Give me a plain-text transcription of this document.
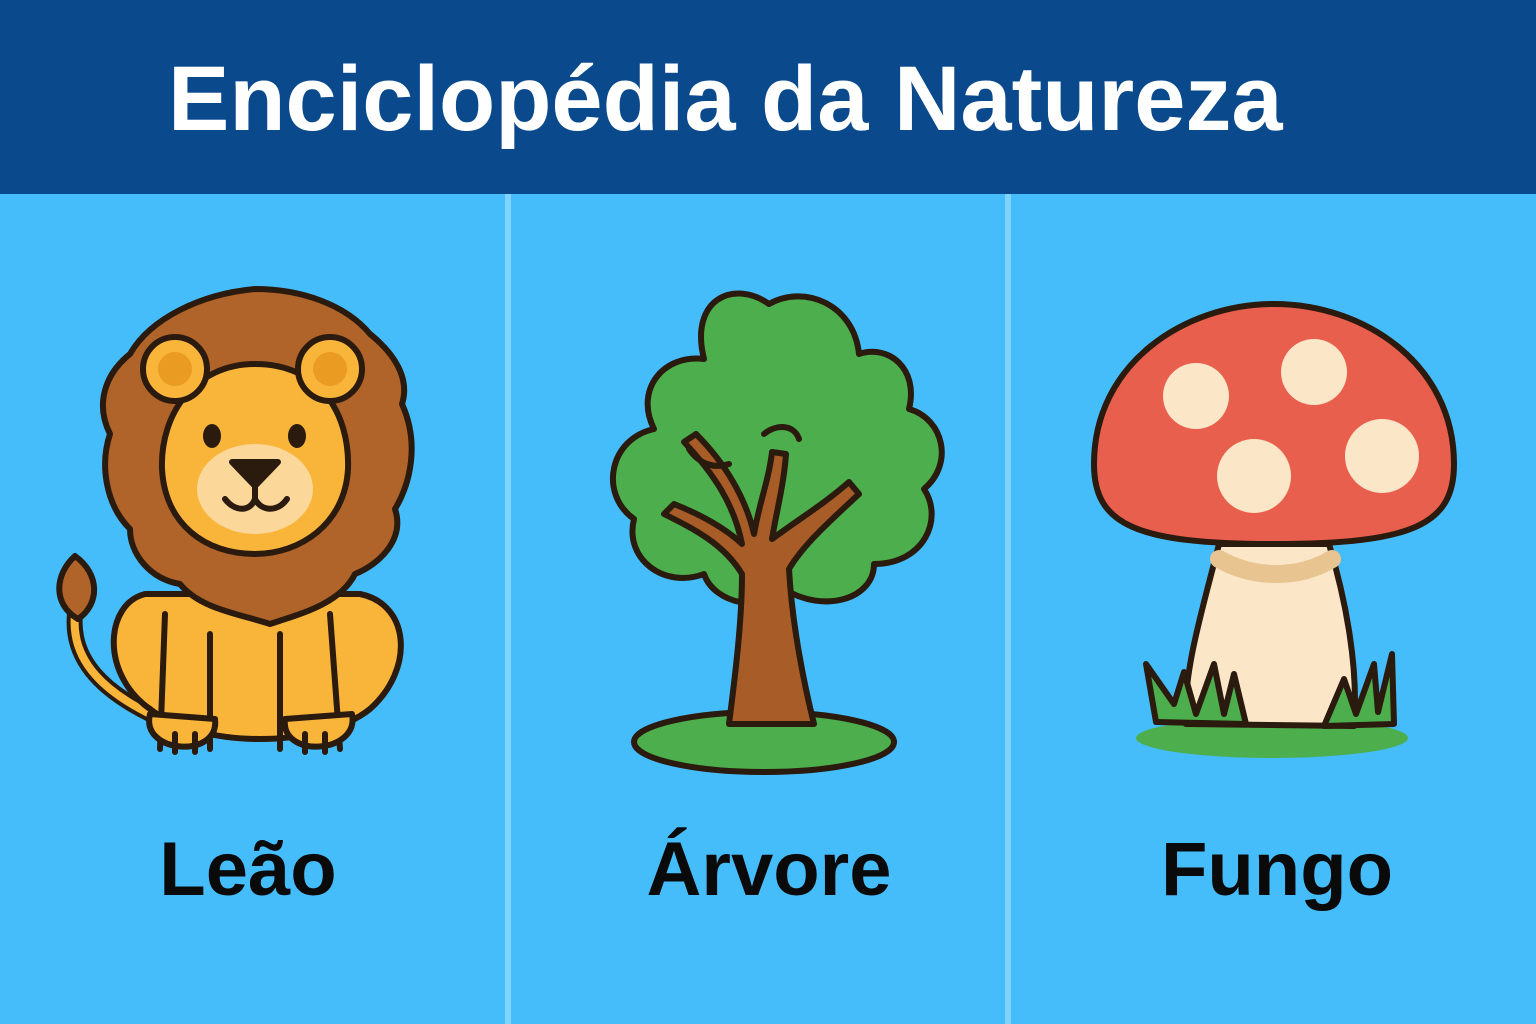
Enciclopédia da Natureza
Leão	Árvore	Fungo
